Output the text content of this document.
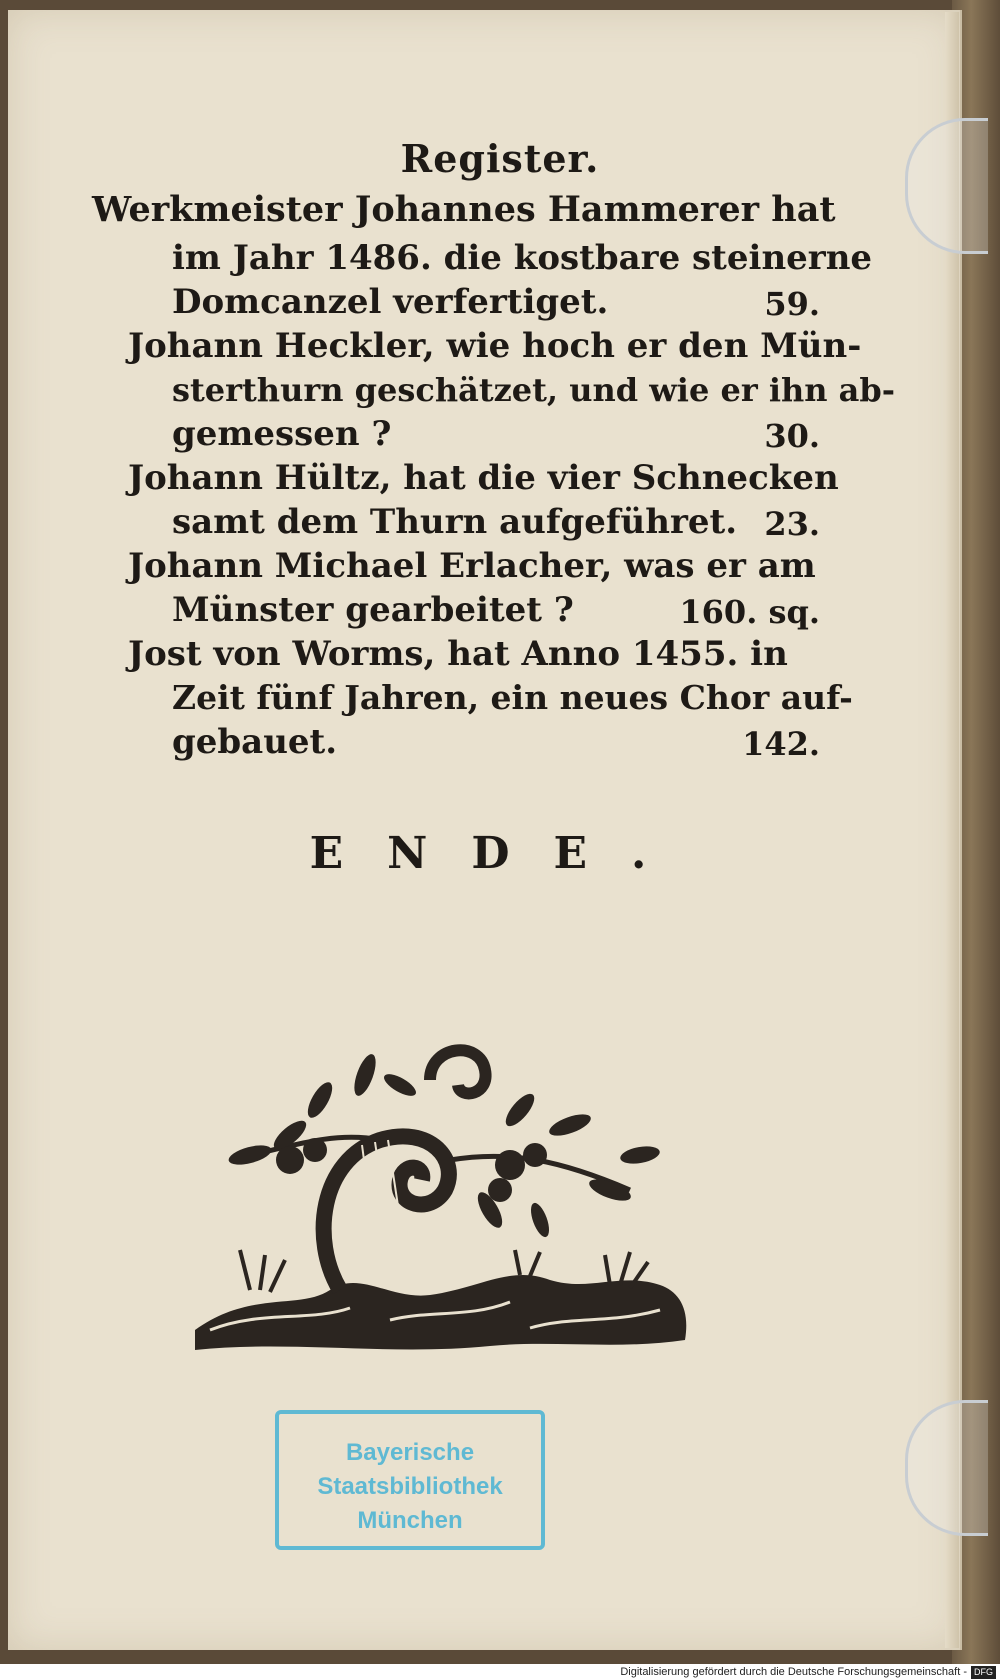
Register.
Werkmeister Johannes Hammerer hat
im Jahr 1486. die kostbare steinerne
Domcanzel verfertiget.	59.
Johann Heckler, wie hoch er den Mün-
sterthurn geschätzet, und wie er ihn ab-
gemessen ?	30.
Johann Hültz, hat die vier Schnecken
samt dem Thurn aufgeführet. 23.
Johann Michael Erlacher, was er am
Münster gearbeitet ?	160. sq.
Jost von Worms, hat Anno 1455. in
Zeit fünf Jahren, ein neues Chor auf-
gebauet.	142.
ENDE.
Bayerische
Staatsbibliothek
München
Digitalisierung gefördert durch die Deutsche Forschungsgemeinschaft - DFG
